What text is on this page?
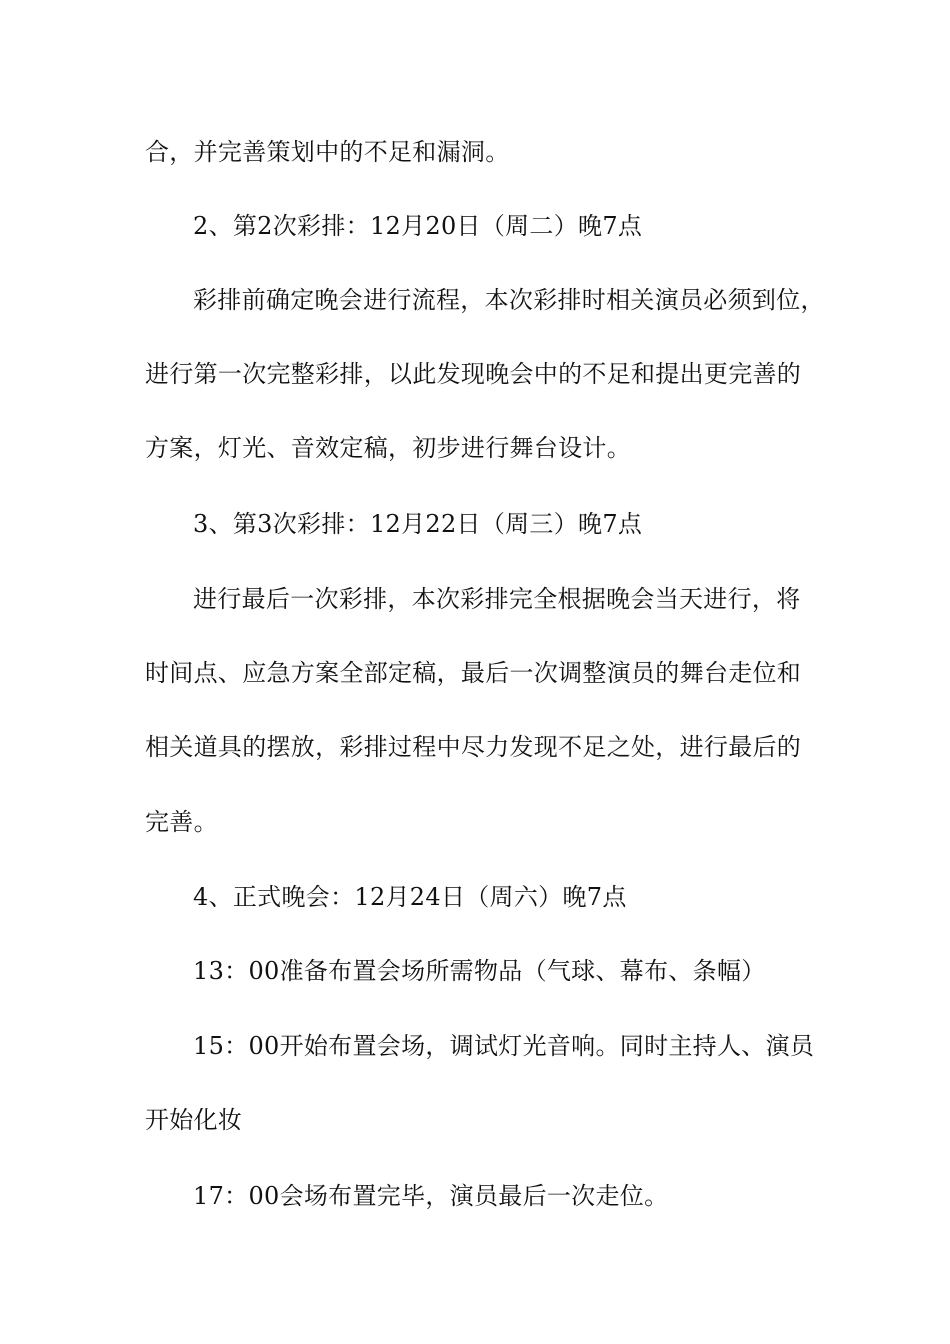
合，并完善策划中的不足和漏洞。
2、第2次彩排：12月20日（周二）晚7点
彩排前确定晚会进行流程，本次彩排时相关演员必须到位，
进行第一次完整彩排，以此发现晚会中的不足和提出更完善的
方案，灯光、音效定稿，初步进行舞台设计。
3、第3次彩排：12月22日（周三）晚7点
进行最后一次彩排，本次彩排完全根据晚会当天进行，将
时间点、应急方案全部定稿，最后一次调整演员的舞台走位和
相关道具的摆放，彩排过程中尽力发现不足之处，进行最后的
完善。
4、正式晚会：12月24日（周六）晚7点
13：00准备布置会场所需物品（气球、幕布、条幅）
15：00开始布置会场，调试灯光音响。同时主持人、演员
开始化妆
17：00会场布置完毕，演员最后一次走位。
